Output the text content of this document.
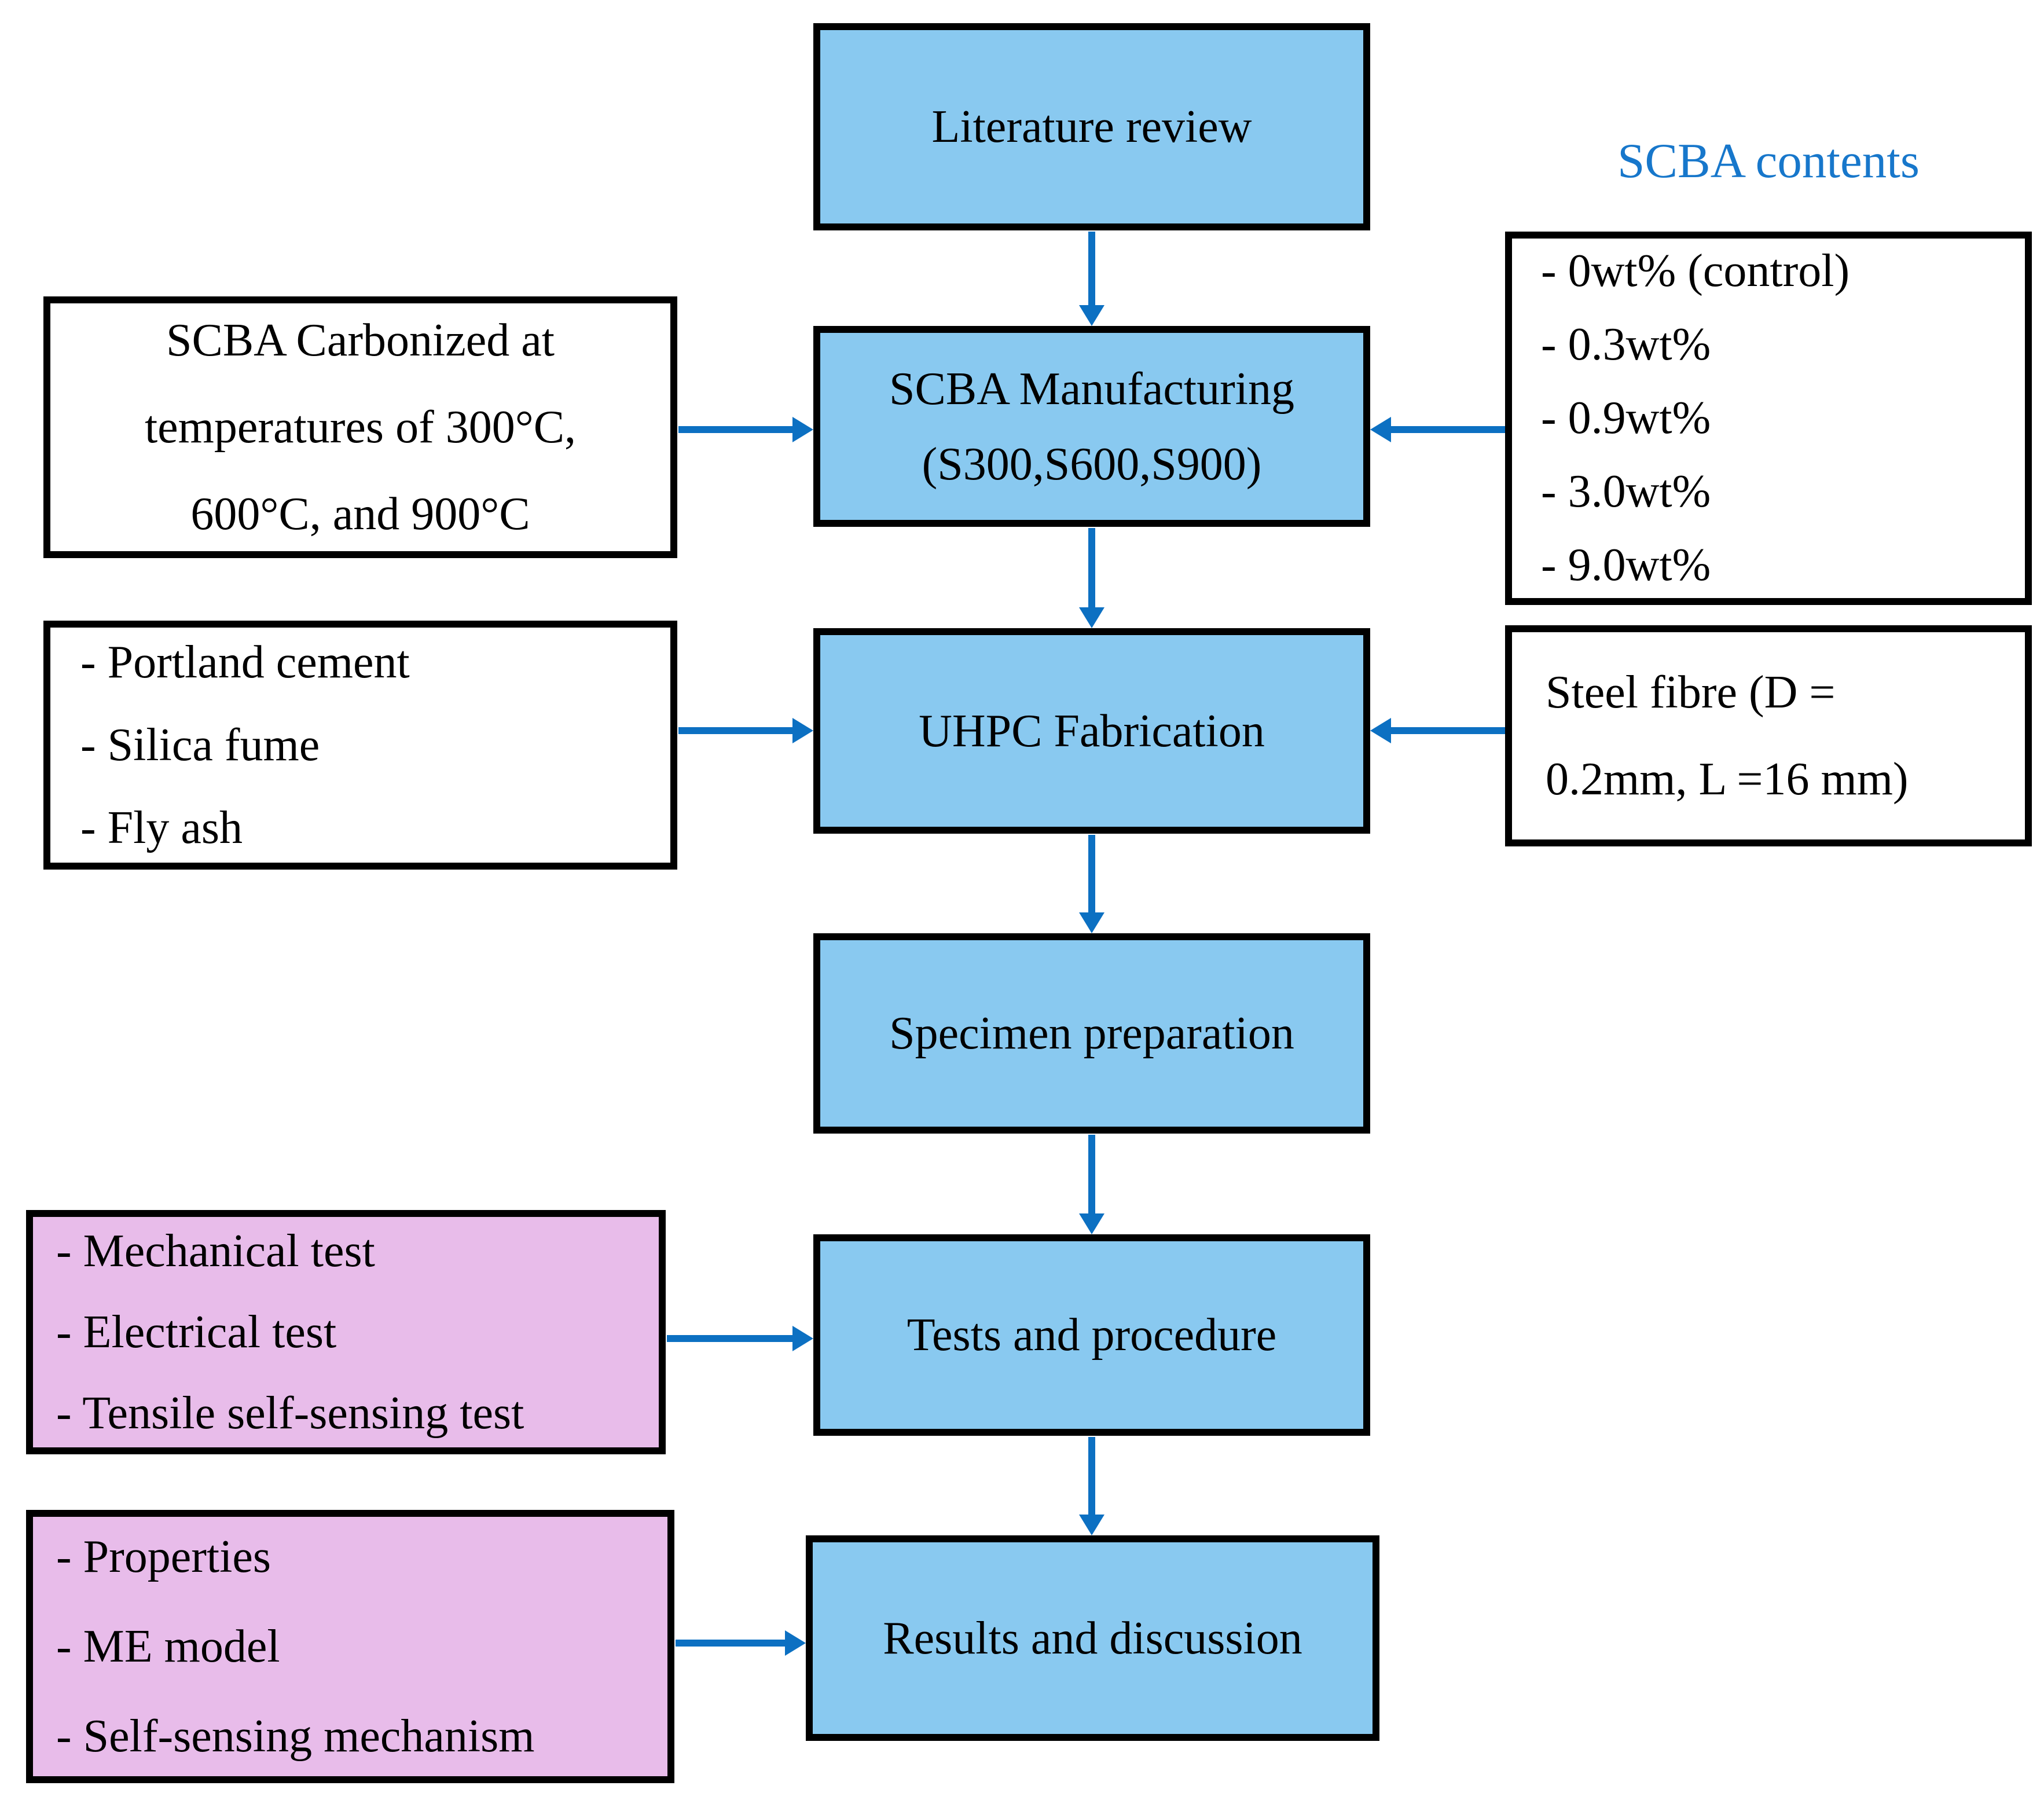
Literature review
SCBA Manufacturing
(S300,S600,S900)
UHPC Fabrication
Specimen preparation
Tests and procedure
Results and discussion
SCBA Carbonized at
temperatures of 300°C,
600°C, and 900°C
- Portland cement
- Silica fume
- Fly ash
- Mechanical test
- Electrical test
- Tensile self-sensing test
- Properties
- ME model
- Self-sensing mechanism
SCBA contents
- 0wt% (control)
- 0.3wt%
- 0.9wt%
- 3.0wt%
- 9.0wt%
Steel fibre (D =
0.2mm, L =16 mm)
